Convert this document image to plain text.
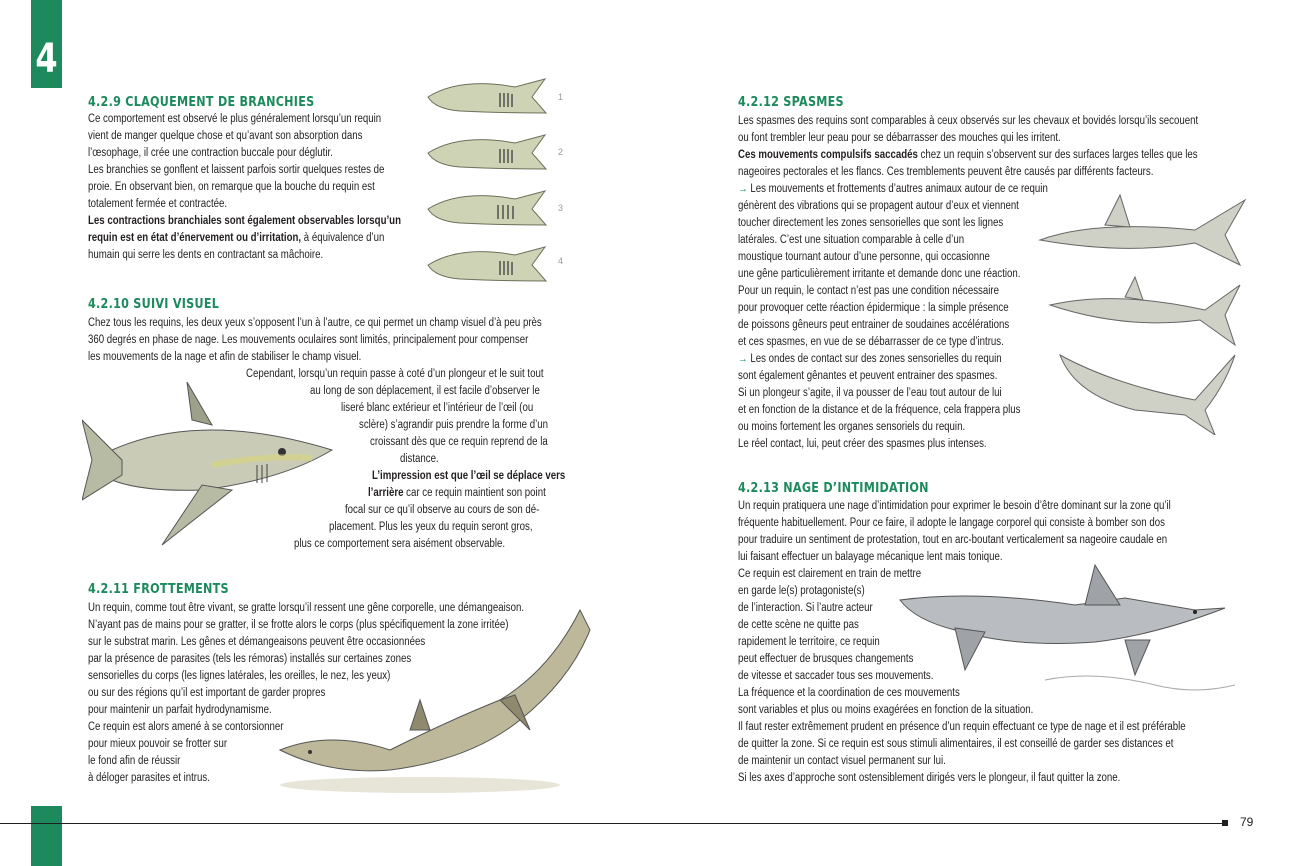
4
79
4.2.9 CLAQUEMENT DE BRANCHIES
Ce comportement est observé le plus généralement lorsqu’un requin
vient de manger quelque chose et qu’avant son absorption dans
l’œsophage, il crée une contraction buccale pour déglutir.
Les branchies se gonflent et laissent parfois sortir quelques restes de
proie. En observant bien, on remarque que la bouche du requin est
totalement fermée et contractée.
Les contractions branchiales sont également observables lorsqu’un
requin est en état d’énervement ou d’irritation, à équivalence d’un
humain qui serre les dents en contractant sa mâchoire.
1
2
3
4
4.2.10 SUIVI VISUEL
Chez tous les requins, les deux yeux s’opposent l’un à l’autre, ce qui permet un champ visuel d’à peu près
360 degrés en phase de nage. Les mouvements oculaires sont limités, principalement pour compenser
les mouvements de la nage et afin de stabiliser le champ visuel.
Cependant, lorsqu’un requin passe à coté d’un plongeur et le suit tout
au long de son déplacement, il est facile d’observer le
liseré blanc extérieur et l’intérieur de l’œil (ou
sclère) s’agrandir puis prendre la forme d’un
croissant dès que ce requin reprend de la
distance.
L’impression est que l’œil se déplace vers
l’arrière car ce requin maintient son point
focal sur ce qu’il observe au cours de son dé-
placement. Plus les yeux du requin seront gros,
plus ce comportement sera aisément observable.
4.2.11 FROTTEMENTS
Un requin, comme tout être vivant, se gratte lorsqu’il ressent une gêne corporelle, une démangeaison.
N’ayant pas de mains pour se gratter, il se frotte alors le corps (plus spécifiquement la zone irritée)
sur le substrat marin. Les gênes et démangeaisons peuvent être occasionnées
par la présence de parasites (tels les rémoras) installés sur certaines zones
sensorielles du corps (les lignes latérales, les oreilles, le nez, les yeux)
ou sur des régions qu’il est important de garder propres
pour maintenir un parfait hydrodynamisme.
Ce requin est alors amené à se contorsionner
pour mieux pouvoir se frotter sur
le fond afin de réussir
à déloger parasites et intrus.
4.2.12 SPASMES
Les spasmes des requins sont comparables à ceux observés sur les chevaux et bovidés lorsqu’ils secouent
ou font trembler leur peau pour se débarrasser des mouches qui les irritent.
Ces mouvements compulsifs saccadés chez un requin s’observent sur des surfaces larges telles que les
nageoires pectorales et les flancs. Ces tremblements peuvent être causés par différents facteurs.
→ Les mouvements et frottements d’autres animaux autour de ce requin
génèrent des vibrations qui se propagent autour d’eux et viennent
toucher directement les zones sensorielles que sont les lignes
latérales. C’est une situation comparable à celle d’un
moustique tournant autour d’une personne, qui occasionne
une gêne particulièrement irritante et demande donc une réaction.
Pour un requin, le contact n’est pas une condition nécessaire
pour provoquer cette réaction épidermique : la simple présence
de poissons gêneurs peut entrainer de soudaines accélérations
et ces spasmes, en vue de se débarrasser de ce type d’intrus.
→ Les ondes de contact sur des zones sensorielles du requin
sont également gênantes et peuvent entrainer des spasmes.
Si un plongeur s’agite, il va pousser de l’eau tout autour de lui
et en fonction de la distance et de la fréquence, cela frappera plus
ou moins fortement les organes sensoriels du requin.
Le réel contact, lui, peut créer des spasmes plus intenses.
4.2.13 NAGE D’INTIMIDATION
Un requin pratiquera une nage d’intimidation pour exprimer le besoin d’être dominant sur la zone qu’il
fréquente habituellement. Pour ce faire, il adopte le langage corporel qui consiste à bomber son dos
pour traduire un sentiment de protestation, tout en arc-boutant verticalement sa nageoire caudale en
lui faisant effectuer un balayage mécanique lent mais tonique.
Ce requin est clairement en train de mettre
en garde le(s) protagoniste(s)
de l’interaction. Si l’autre acteur
de cette scène ne quitte pas
rapidement le territoire, ce requin
peut effectuer de brusques changements
de vitesse et saccader tous ses mouvements.
La fréquence et la coordination de ces mouvements
sont variables et plus ou moins exagérées en fonction de la situation.
Il faut rester extrêmement prudent en présence d’un requin effectuant ce type de nage et il est préférable
de quitter la zone. Si ce requin est sous stimuli alimentaires, il est conseillé de garder ses distances et
de maintenir un contact visuel permanent sur lui.
Si les axes d’approche sont ostensiblement dirigés vers le plongeur, il faut quitter la zone.
